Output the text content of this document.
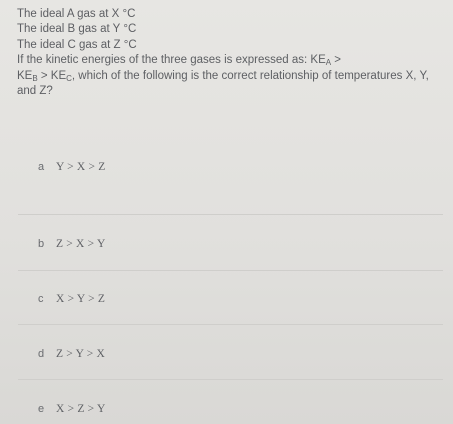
The ideal A gas at X °C
The ideal B gas at Y °C
The ideal C gas at Z °C
If the kinetic energies of the three gases is expressed as: $KE_A$ >
$KE_B > KE_C$, which of the following is the correct relationship of temperatures X, Y, and Z?
a	Y > X > Z
b	Z > X > Y
c	X > Y > Z
d	Z > Y > X
e	X > Z > Y
